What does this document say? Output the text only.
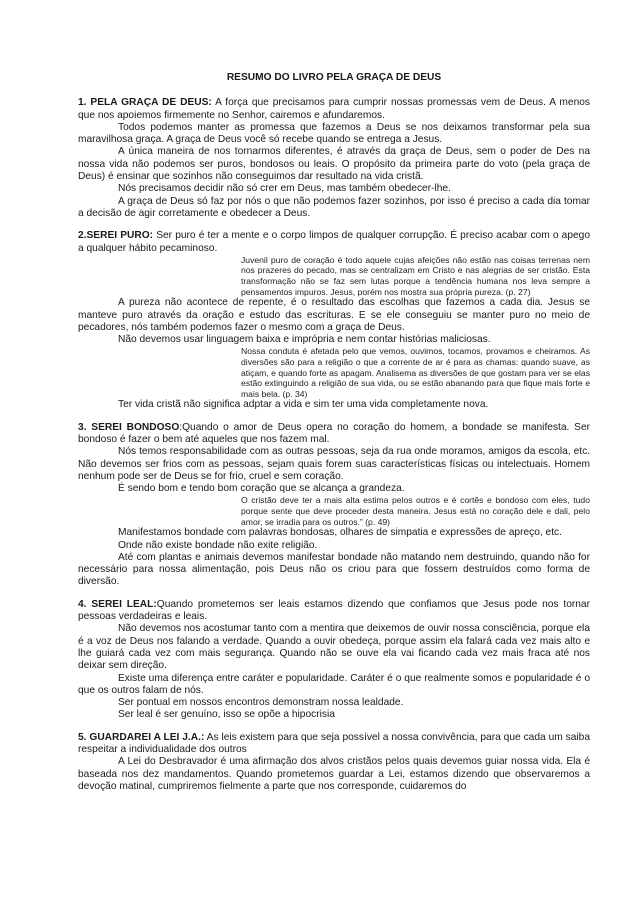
RESUMO DO LIVRO PELA GRAÇA DE DEUS

1. PELA GRAÇA DE DEUS: A força que precisamos para cumprir nossas promessas vem de Deus. A menos que nos apoiemos firmemente no Senhor, cairemos e afundaremos.

Todos podemos manter as promessa que fazemos a Deus se nos deixamos transformar pela sua maravilhosa graça. A graça de Deus você só recebe quando se entrega a Jesus.

A única maneira de nos tornarmos diferentes, é através da graça de Deus, sem o poder de Des na nossa vida não podemos ser puros, bondosos ou leais. O propósito da primeira parte do voto (pela graça de Deus) é ensinar que sozinhos não conseguimos dar resultado na vida cristã.

Nós precisamos decidir não só crer em Deus, mas também obedecer-lhe.

A graça de Deus só faz por nós o que não podemos fazer sozinhos, por isso é preciso a cada dia tomar a decisão de agir corretamente e obedecer a Deus.

2.SEREI PURO: Ser puro é ter a mente e o corpo limpos de qualquer corrupção. É preciso acabar com o apego a qualquer hábito pecaminoso.

Juvenil puro de coração é todo aquele cujas afeições não estão nas coisas terrenas nem nos prazeres do pecado, mas se centralizam em Cristo e nas alegrias de ser cristão. Esta transformação não se faz sem lutas porque a tendência humana nos leva sempre a pensamentos impuros. Jesus, porém nos mostra sua própria pureza. (p. 27)

A pureza não acontece de repente, é o resultado das escolhas que fazemos a cada dia. Jesus se manteve puro através da oração e estudo das escrituras. E se ele conseguiu se manter puro no meio de pecadores, nós também podemos fazer o mesmo com a graça de Deus.

Não devemos usar linguagem baixa e imprópria e nem contar histórias maliciosas.

Nossa conduta é afetada pelo que vemos, ouvimos, tocamos, provamos e cheiramos. As diversões são para a religião o que a corrente de ar é para as chamas: quando suave, as atiçam, e quando forte as apagam. Analisema as diversões de que gostam para ver se elas estão extinguindo a religião de sua vida, ou se estão abanando para que fique mais forte e mais bela. (p. 34)

Ter vida cristã não significa adptar a vida e sim ter uma vida completamente nova.

3. SEREI BONDOSO:Quando o amor de Deus opera no coração do homem, a bondade se manifesta. Ser bondoso é fazer o bem até aqueles que nos fazem mal.

Nós temos responsabilidade com as outras pessoas, seja da rua onde moramos, amigos da escola, etc. Não devemos ser frios com as pessoas, sejam quais forem suas características físicas ou intelectuais. Homem nenhum pode ser de Deus se for frio, cruel e sem coração.

É sendo bom e tendo bom coração que se alcança a grandeza.

O cristão deve ter a mais alta estima pelos outros e é cortês e bondoso com eles, tudo porque sente que deve proceder desta maneira. Jesus está no coração dele e dali, pelo amor, se irradia para os outros.” (p. 49)

Manifestamos bondade com palavras bondosas, olhares de simpatia e expressões de apreço, etc.

Onde não existe bondade não exite religião.

Até com plantas e animais devemos manifestar bondade não matando nem destruindo, quando não for necessário para nossa alimentação, pois Deus não os criou para que fossem destruídos como forma de diversão.

4. SEREI LEAL:Quando prometemos ser leais estamos dizendo que confiamos que Jesus pode nos tornar pessoas verdadeiras e leais.

Não devemos nos acostumar tanto com a mentira que deixemos de ouvir nossa consciência, porque ela é a voz de Deus nos falando a verdade. Quando a ouvir obedeça, porque assim ela falará cada vez mais alto e lhe guiará cada vez com mais segurança. Quando não se ouve ela vai ficando cada vez mais fraca até nos deixar sem direção.

Existe uma diferença entre caráter e popularidade. Caráter é o que realmente somos e popularidade é o que os outros falam de nós.

Ser pontual em nossos encontros demonstram nossa lealdade.

Ser leal é ser genuíno, isso se opõe a hipocrisia

5. GUARDAREI A LEI J.A.: As leis existem para que seja possível a nossa convivência, para que cada um saiba respeitar a individualidade dos outros

A Lei do Desbravador é uma afirmação dos alvos cristãos pelos quais devemos guiar nossa vida. Ela é baseada nos dez mandamentos. Quando prometemos guardar a Lei, estamos dizendo que observaremos a devoção matinal, cumpriremos fielmente a parte que nos corresponde, cuidaremos do
